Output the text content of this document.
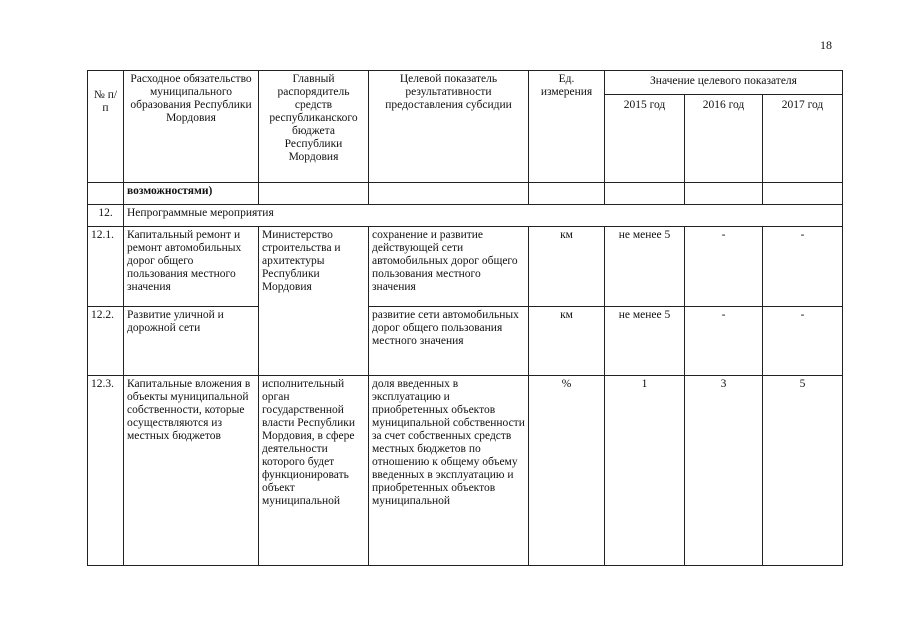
18
№ п/п	Расходное обязательство муниципального образования Республики Мордовия	Главный распорядитель средств республиканского бюджета Республики Мордовия	Целевой показатель результативности предоставления субсидии	Ед. измерения	Значение целевого показателя		
					2015 год	2016 год	2017 год
	возможностями)						
12.	Непрограммные мероприятия						
12.1.	Капитальный ремонт и ремонт автомобильных дорог общего пользования местного значения	Министерство строительства и архитектуры Республики Мордовия	сохранение и развитие действующей сети автомобильных дорог общего пользования местного значения	км	не менее 5	-	-
12.2.	Развитие уличной и дорожной сети		развитие сети автомобильных дорог общего пользования местного значения	км	не менее 5	-	-
12.3.	Капитальные вложения в объекты муниципальной собственности, которые осуществляются из местных бюджетов	исполнительный орган государственной власти Республики Мордовия, в сфере деятельности которого будет функционировать объект муниципальной	доля введенных в эксплуатацию и приобретенных объектов муниципальной собственности за счет собственных средств местных бюджетов по отношению к общему объему введенных в эксплуатацию и приобретенных объектов муниципальной	%	1	3	5
